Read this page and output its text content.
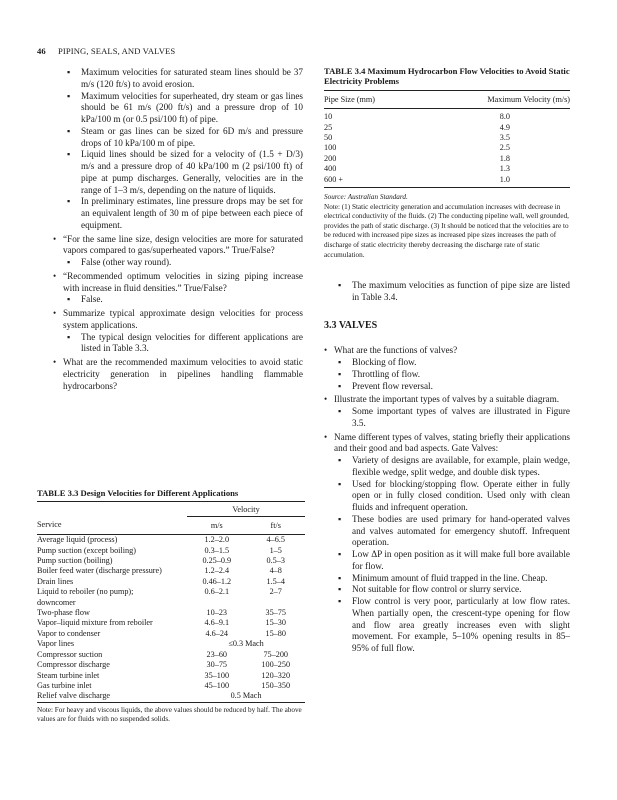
46 PIPING, SEALS, AND VALVES
▪ Maximum velocities for saturated steam lines should be 37 m/s (120 ft/s) to avoid erosion.
▪ Maximum velocities for superheated, dry steam or gas lines should be 61 m/s (200 ft/s) and a pressure drop of 10 kPa/100 m (or 0.5 psi/100 ft) of pipe.
▪ Steam or gas lines can be sized for 6D m/s and pressure drops of 10 kPa/100 m of pipe.
▪ Liquid lines should be sized for a velocity of (1.5 + D/3) m/s and a pressure drop of 40 kPa/100 m (2 psi/100 ft) of pipe at pump discharges. Generally, velocities are in the range of 1–3 m/s, depending on the nature of liquids.
▪ In preliminary estimates, line pressure drops may be set for an equivalent length of 30 m of pipe between each piece of equipment.
• “For the same line size, design velocities are more for saturated vapors compared to gas/superheated vapors.” True/False?
▪ False (other way round).
• “Recommended optimum velocities in sizing piping increase with increase in fluid densities.” True/False?
▪ False.
• Summarize typical approximate design velocities for process system applications.
▪ The typical design velocities for different applications are listed in Table 3.3.
• What are the recommended maximum velocities to avoid static electricity generation in pipelines handling flammable hydrocarbons?
TABLE 3.3 Design Velocities for Different Applications		
	Velocity	
Service	m/s	ft/s
Average liquid (process)	1.2–2.0	4–6.5
Pump suction (except boiling)	0.3–1.5	1–5
Pump suction (boiling)	0.25–0.9	0.5–3
Boiler feed water (discharge pressure)	1.2–2.4	4–8
Drain lines	0.46–1.2	1.5–4
Liquid to reboiler (no pump);	0.6–2.1	2–7
downcomer		
Two-phase flow	10–23	35–75
Vapor–liquid mixture from reboiler	4.6–9.1	15–30
Vapor to condenser	4.6–24	15–80
Vapor lines	≤0.3 Mach	
Compressor suction	23–60	75–200
Compressor discharge	30–75	100–250
Steam turbine inlet	35–100	120–320
Gas turbine inlet	45–100	150–350
Relief valve discharge	0.5 Mach	

Note: For heavy and viscous liquids, the above values should be reduced by half. The above values are for fluids with no suspended solids.		
TABLE 3.4 Maximum Hydrocarbon Flow Velocities to Avoid Static Electricity Problems
Pipe Size (mm)	Maximum Velocity (m/s)
10	8.0
25	4.9
50	3.5
100	2.5
200	1.8
400	1.3
600 +	1.0
Source: Australian Standard.
Note: (1) Static electricity generation and accumulation increases with decrease in electrical conductivity of the fluids. (2) The conducting pipeline wall, well grounded, provides the path of static discharge. (3) It should be noticed that the velocities are to be reduced with increased pipe sizes as increased pipe sizes increases the path of discharge of static electricity thereby decreasing the discharge rate of static accumulation.
▪ The maximum velocities as function of pipe size are listed in Table 3.4.
3.3 VALVES
• What are the functions of valves?
▪ Blocking of flow.
▪ Throttling of flow.
▪ Prevent flow reversal.
• Illustrate the important types of valves by a suitable diagram.
▪ Some important types of valves are illustrated in Figure 3.5.
• Name different types of valves, stating briefly their applications and their good and bad aspects. Gate Valves:
▪ Variety of designs are available, for example, plain wedge, flexible wedge, split wedge, and double disk types.
▪ Used for blocking/stopping flow. Operate either in fully open or in fully closed condition. Used only with clean fluids and infrequent operation.
▪ These bodies are used primary for hand-operated valves and valves automated for emergency shutoff. Infrequent operation.
▪ Low ΔP in open position as it will make full bore available for flow.
▪ Minimum amount of fluid trapped in the line. Cheap.
▪ Not suitable for flow control or slurry service.
▪ Flow control is very poor, particularly at low flow rates. When partially open, the crescent-type opening for flow and flow area greatly increases even with slight movement. For example, 5–10% opening results in 85–95% of full flow.
